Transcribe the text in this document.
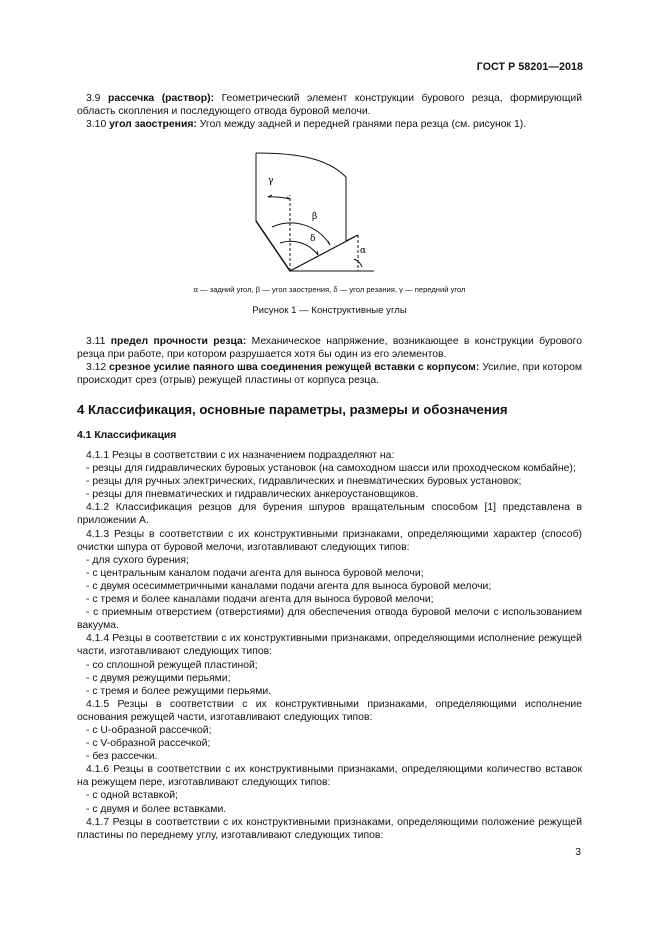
ГОСТ Р 58201—2018

3.9 рассечка (раствор): Геометрический элемент конструкции бурового резца, формирующий область скопления и последующего отвода буровой мелочи.

3.10 угол заострения: Угол между задней и передней гранями пера резца (см. рисунок 1).

γ
β
δ
α
α — задний угол, β — угол заострения, δ — угол резания, γ — передний угол
Рисунок 1 — Конструктивные углы

3.11 предел прочности резца: Механическое напряжение, возникающее в конструкции бурового резца при работе, при котором разрушается хотя бы один из его элементов.

3.12 срезное усилие паяного шва соединения режущей вставки с корпусом: Усилие, при котором происходит срез (отрыв) режущей пластины от корпуса резца.

4 Классификация, основные параметры, размеры и обозначения
4.1 Классификация

4.1.1 Резцы в соответствии с их назначением подразделяют на:

- резцы для гидравлических буровых установок (на самоходном шасси или проходческом комбайне);

- резцы для ручных электрических, гидравлических и пневматических буровых установок;

- резцы для пневматических и гидравлических анкероустановщиков.

4.1.2 Классификация резцов для бурения шпуров вращательным способом [1] представлена в приложении А.

4.1.3 Резцы в соответствии с их конструктивными признаками, определяющими характер (способ) очистки шпура от буровой мелочи, изготавливают следующих типов:

- для сухого бурения;

- с центральным каналом подачи агента для выноса буровой мелочи;

- с двумя осесимметричными каналами подачи агента для выноса буровой мелочи;

- с тремя и более каналами подачи агента для выноса буровой мелочи;

- с приемным отверстием (отверстиями) для обеспечения отвода буровой мелочи с использованием вакуума.

4.1.4 Резцы в соответствии с их конструктивными признаками, определяющими исполнение режущей части, изготавливают следующих типов:

- со сплошной режущей пластиной;

- с двумя режущими перьями;

- с тремя и более режущими перьями.

4.1.5 Резцы в соответствии с их конструктивными признаками, определяющими исполнение основания режущей части, изготавливают следующих типов:

- с U-образной рассечкой;

- с V-образной рассечкой;

- без рассечки.

4.1.6 Резцы в соответствии с их конструктивными признаками, определяющими количество вставок на режущем пере, изготавливают следующих типов:

- с одной вставкой;

- с двумя и более вставками.

4.1.7 Резцы в соответствии с их конструктивными признаками, определяющими положение режущей пластины по переднему углу, изготавливают следующих типов:

3
